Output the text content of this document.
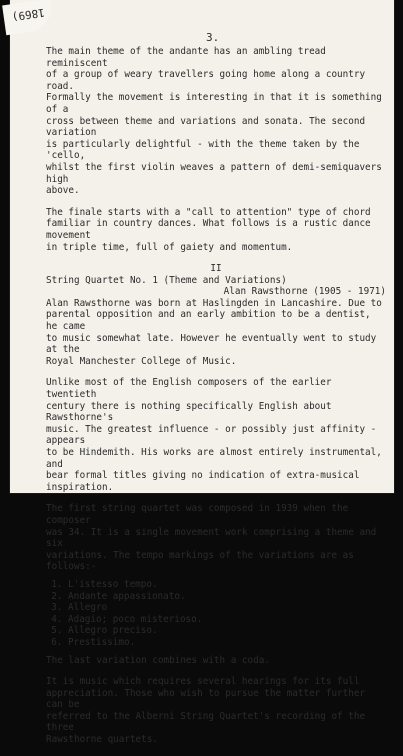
1869)
3.

The main theme of the andante has an ambling tread reminiscent
of a group of weary travellers going home along a country road.
Formally the movement is interesting in that it is something of a
cross between theme and variations and sonata. The second variation
is particularly delightful - with the theme taken by the 'cello,
whilst the first violin weaves a pattern of demi-semiquavers high
above.

The finale starts with a "call to attention" type of chord
familiar in country dances. What follows is a rustic dance movement
in triple time, full of gaiety and momentum.

II
String Quartet No. 1 (Theme and Variations)
Alan Rawsthorne (1905 - 1971)

Alan Rawsthorne was born at Haslingden in Lancashire. Due to
parental opposition and an early ambition to be a dentist, he came
to music somewhat late. However he eventually went to study at the
Royal Manchester College of Music.

Unlike most of the English composers of the earlier twentieth
century there is nothing specifically English about Rawsthorne's
music. The greatest influence - or possibly just affinity - appears
to be Hindemith. His works are almost entirely instrumental, and
bear formal titles giving no indication of extra-musical inspiration.

The first string quartet was composed in 1939 when the composer
was 34. It is a single movement work comprising a theme and six
variations. The tempo markings of the variations are as follows:-

1. L'istesso tempo.
2. Andante appassionato.
3. Allegro
4. Adagio; poco misterioso.
5. Allegro preciso.
6. Prestissimo.

The last variation combines with a coda.

It is music which requires several hearings for its full
appreciation. Those who wish to pursue the matter further can be
referred to the Alberni String Quartet's recording of the three
Rawsthorne quartets.
